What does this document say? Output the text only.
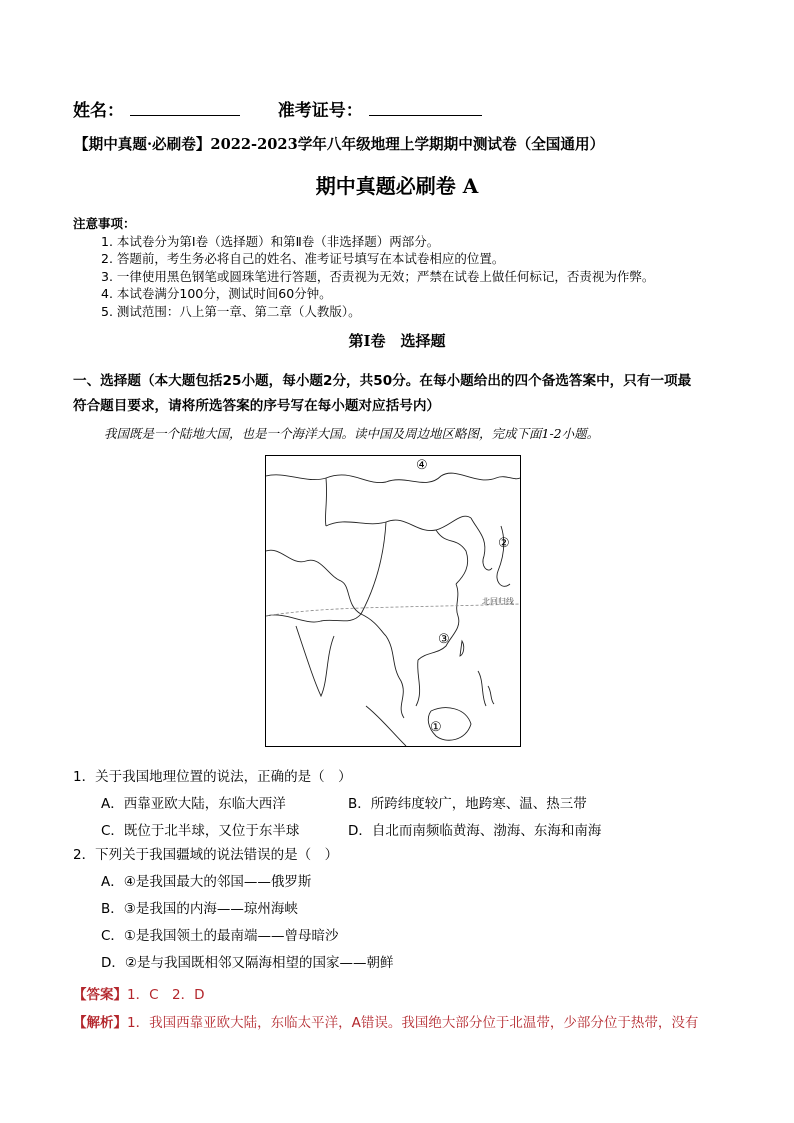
姓名：	准考证号：
【期中真题·必刷卷】2022-2023学年八年级地理上学期期中测试卷（全国通用）
期中真题必刷卷 A
注意事项：
1. 本试卷分为第Ⅰ卷（选择题）和第Ⅱ卷（非选择题）两部分。
2. 答题前，考生务必将自己的姓名、准考证号填写在本试卷相应的位置。
3. 一律使用黑色钢笔或圆珠笔进行答题，否责视为无效；严禁在试卷上做任何标记，否责视为作弊。
4. 本试卷满分100分，测试时间60分钟。
5. 测试范围：八上第一章、第二章（人教版）。
第Ⅰ卷　选择题
一、选择题（本大题包括25小题，每小题2分，共50分。在每小题给出的四个备选答案中，只有一项最
符合题目要求，请将所选答案的序号写在每小题对应括号内）
我国既是一个陆地大国，也是一个海洋大国。读中国及周边地区略图，完成下面1-2小题。
④
②
③
①
北回归线
1．关于我国地理位置的说法，正确的是（　）
A．西靠亚欧大陆，东临大西洋	B．所跨纬度较广，地跨寒、温、热三带
C．既位于北半球，又位于东半球	D．自北而南频临黄海、渤海、东海和南海
2．下列关于我国疆域的说法错误的是（　）
A．④是我国最大的邻国——俄罗斯
B．③是我国的内海——琼州海峡
C．①是我国领土的最南端——曾母暗沙
D．②是与我国既相邻又隔海相望的国家——朝鲜
【答案】1．C　2．D
【解析】1．我国西靠亚欧大陆，东临太平洋，A错误。我国绝大部分位于北温带，少部分位于热带，没有
